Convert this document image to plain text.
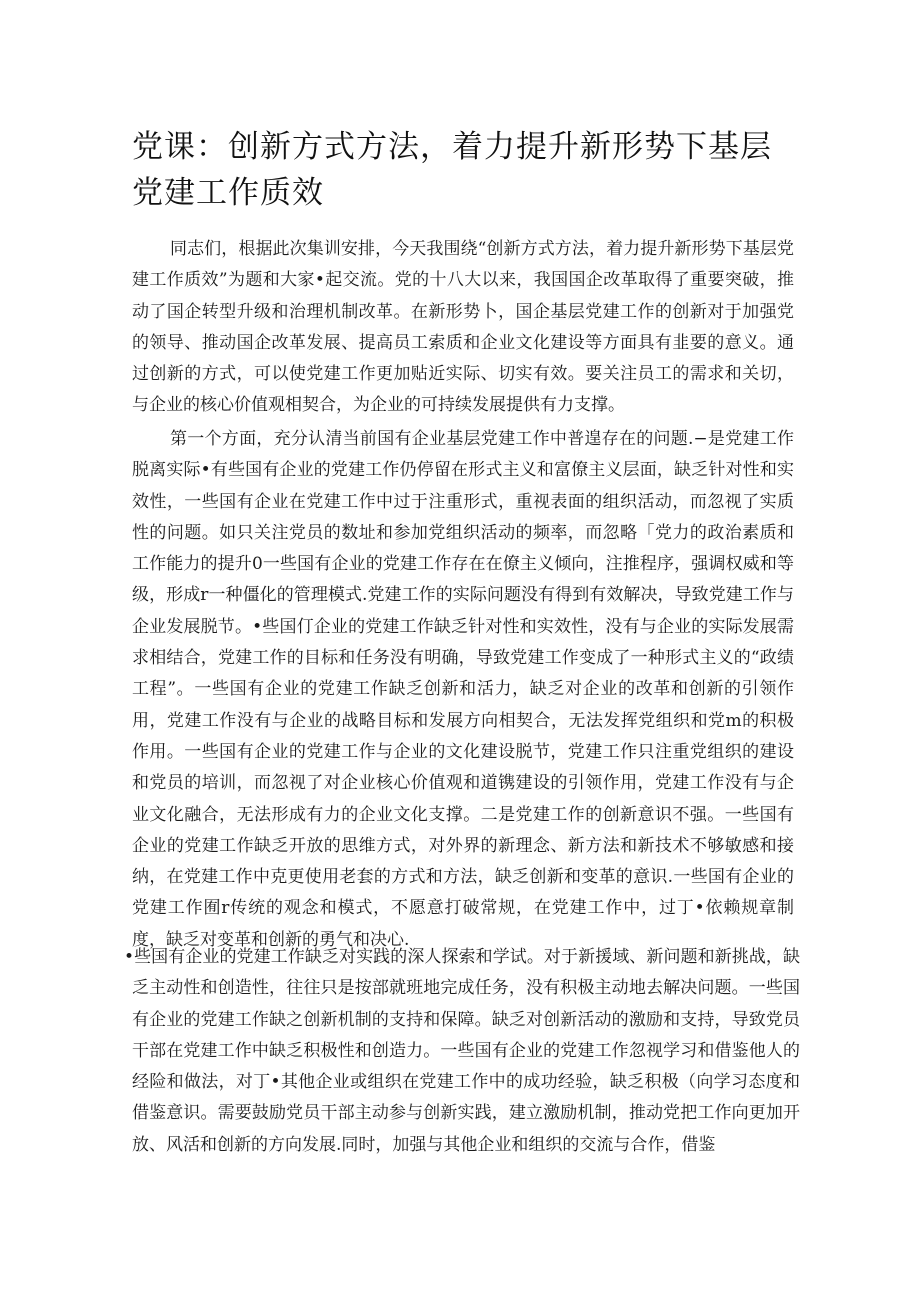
党课：创新方式方法，着力提升新形势下基层党建工作质效

同志们，根据此次集训安排，今天我围绕“创新方式方法，着力提升新形势下基层党建工作质效”为题和大家•起交流。党的十八大以来，我国国企改革取得了重要突破，推动了国企转型升级和治理机制改革。在新形势卜，国企基层党建工作的创新对于加强党的领导、推动国企改革发展、提高员工索质和企业文化建设等方面具有韭要的意义。通过创新的方式，可以使党建工作更加贴近实际、切实有效。要关注员工的需求和关切，与企业的核心价值观相契合，为企业的可持续发展提供有力支撑。

第一个方面，充分认清当前国有企业基层党建工作中普遑存在的问题.−是党建工作脱离实际•有些国有企业的党建工作仍停留在形式主义和富僚主义层面，缺乏针对性和实效性，一些国有企业在党建工作中过于注重形式，重视表面的组织活动，而忽视了实质性的问题。如只关注党员的数址和参加党组织活动的频率，而忽略「党力的政治素质和工作能力的提升0一些国有企业的党建工作存在在僚主义倾向，注推程序，强调权威和等级，形成r一种僵化的管理模式.党建工作的实际问题没有得到有效解决，导致党建工作与企业发展脱节。•些国仃企业的党建工作缺乏针对性和实效性，没有与企业的实际发展需求相结合，党建工作的目标和任务没有明确，导致党建工作变成了一种形式主义的“政绩工程”。一些国有企业的党建工作缺乏创新和活力，缺乏对企业的改革和创新的引领作用，党建工作没有与企业的战略目标和发展方向相契合，无法发挥党组织和党m的积极作用。一些国有企业的党建工作与企业的文化建设脱节，党建工作只注重党组织的建设和党员的培训，而忽视了对企业核心价值观和道镌建设的引领作用，党建工作没有与企业文化融合，无法形成有力的企业文化支撑。二是党建工作的创新意识不强。一些国有企业的党建工作缺乏开放的思维方式，对外界的新理念、新方法和新技术不够敏感和接纳，在党建工作中克更使用老套的方式和方法，缺乏创新和变革的意识.一些国有企业的党建工作囿r传统的观念和模式，不愿意打破常规，在党建工作中，过丁•依赖规章制度，缺乏对变革和创新的勇气和决心.

•些国有企业的党建工作缺乏对实践的深人探索和学试。对于新援域、新问题和新挑战，缺乏主动性和创造性，往往只是按部就班地完成任务，没有积极主动地去解决问题。一些国有企业的党建工作缺之创新机制的支持和保障。缺乏对创新活动的激励和支持，导致党员干部在党建工作中缺乏积极性和创造力。一些国有企业的党建工作忽视学习和借鉴他人的经险和做法，对丁•其他企业或组织在党建工作中的成功经验，缺乏积极（向学习态度和借鉴意识。需要鼓励党员干部主动参与创新实践，建立激励机制，推动党把工作向更加开放、风活和创新的方向发展.同时，加强与其他企业和组织的交流与合作，借鉴
